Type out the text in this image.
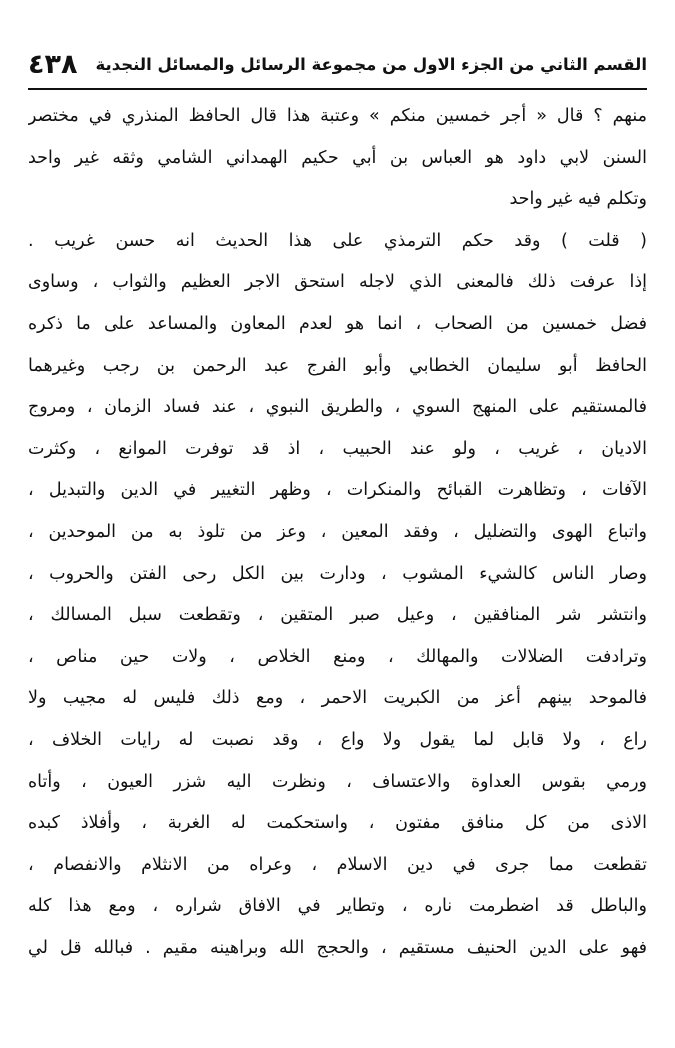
٤٣٨ القسم الثاني من الجزء الاول من مجموعة الرسائل والمسائل النجدية
منهم ؟ قال « أجر خمسين منكم » وعتبة هذا قال الحافظ المنذري في مختصر
السنن لابي داود هو العباس بن أبي حكيم الهمداني الشامي وثقه غير واحد
وتكلم فيه غير واحد
( قلت ) وقد حكم الترمذي على هذا الحديث انه حسن غريب .
إذا عرفت ذلك فالمعنى الذي لاجله استحق الاجر العظيم والثواب ، وساوى
فضل خمسين من الصحاب ، انما هو لعدم المعاون والمساعد على ما ذكره
الحافظ أبو سليمان الخطابي وأبو الفرج عبد الرحمن بن رجب وغيرهما
فالمستقيم على المنهج السوي ، والطريق النبوي ، عند فساد الزمان ، ومروج
الاديان ، غريب ، ولو عند الحبيب ، اذ قد توفرت الموانع ، وكثرت
الآفات ، وتظاهرت القبائح والمنكرات ، وظهر التغيير في الدين والتبديل ،
واتباع الهوى والتضليل ، وفقد المعين ، وعز من تلوذ به من الموحدين ،
وصار الناس كالشيء المشوب ، ودارت بين الكل رحى الفتن والحروب ،
وانتشر شر المنافقين ، وعيل صبر المتقين ، وتقطعت سبل المسالك ،
وترادفت الضلالات والمهالك ، ومنع الخلاص ، ولات حين مناص ،
فالموحد بينهم أعز من الكبريت الاحمر ، ومع ذلك فليس له مجيب ولا
راع ، ولا قابل لما يقول ولا واع ، وقد نصبت له رايات الخلاف ،
ورمي بقوس العداوة والاعتساف ، ونظرت اليه شزر العيون ، وأتاه
الاذى من كل منافق مفتون ، واستحكمت له الغربة ، وأفلاذ كبده
تقطعت مما جرى في دين الاسلام ، وعراه من الانثلام والانفصام ،
والباطل قد اضطرمت ناره ، وتطاير في الافاق شراره ، ومع هذا كله
فهو على الدين الحنيف مستقيم ، والحجج الله وبراهينه مقيم . فبالله قل لي
